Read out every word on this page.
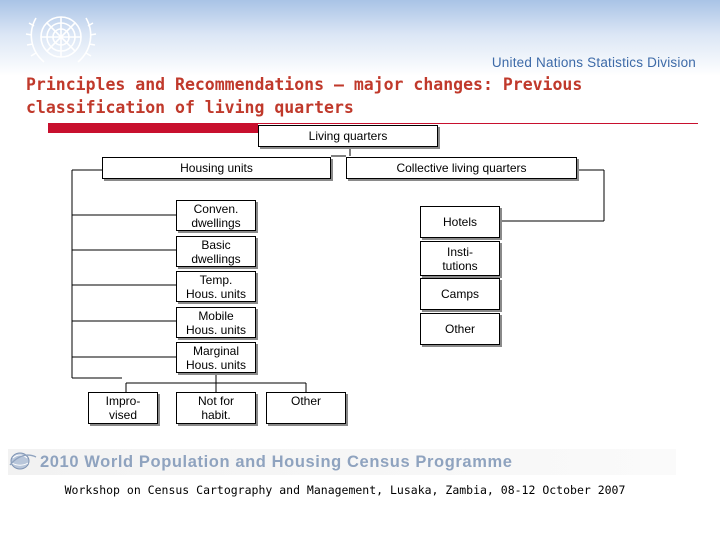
United Nations Statistics Division
Principles and Recommendations – major changes: Previous classification of living quarters
Living quarters
Housing units	Collective living quarters
Conven.
dwellings
Basic
dwellings
Temp.
Hous. units
Mobile
Hous. units
Marginal
Hous. units
Impro-
vised
Not for
habit.
Other
Hotels
Insti-
tutions
Camps
Other
2010 World Population and Housing Census Programme
Workshop on Census Cartography and Management, Lusaka, Zambia, 08-12 October 2007
